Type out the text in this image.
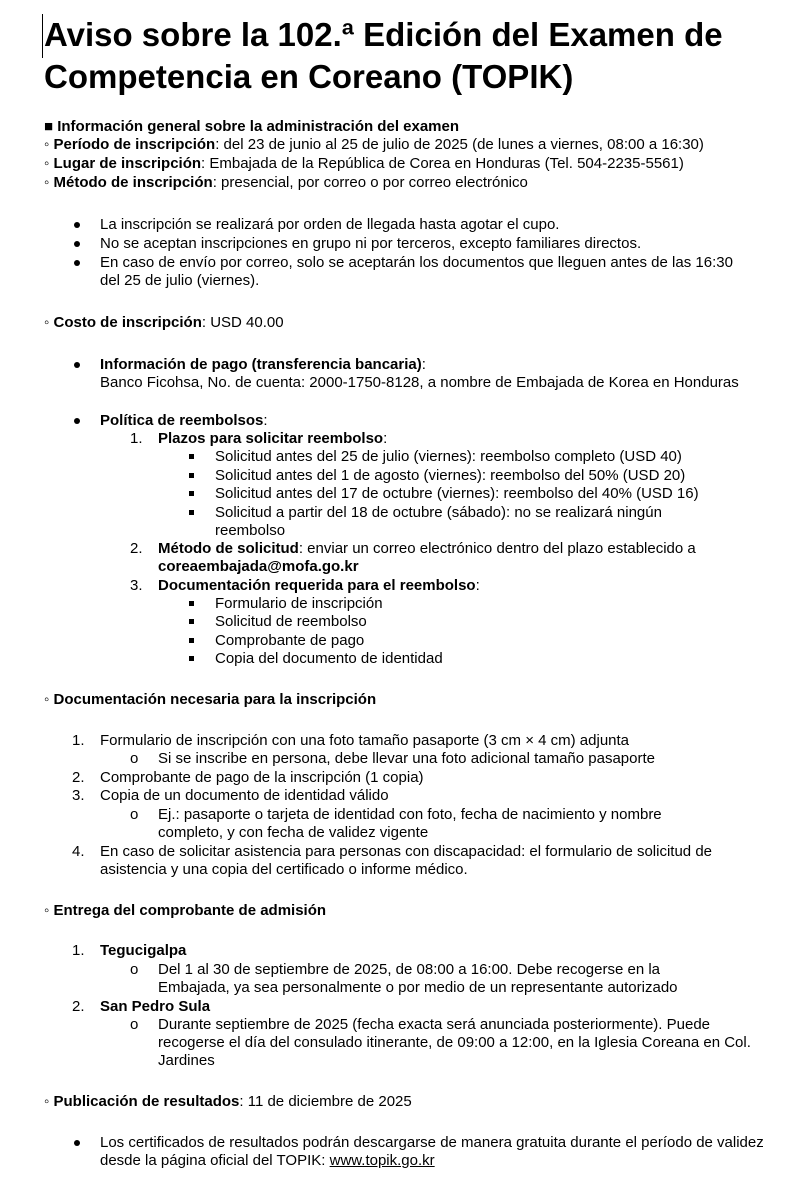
Aviso sobre la 102.ª Edición del Examen de Competencia en Coreano (TOPIK)
■ Información general sobre la administración del examen
◦ Período de inscripción: del 23 de junio al 25 de julio de 2025 (de lunes a viernes, 08:00 a 16:30)
◦ Lugar de inscripción: Embajada de la República de Corea en Honduras (Tel. 504-2235-5561)
◦ Método de inscripción: presencial, por correo o por correo electrónico
La inscripción se realizará por orden de llegada hasta agotar el cupo.
No se aceptan inscripciones en grupo ni por terceros, excepto familiares directos.
En caso de envío por correo, solo se aceptarán los documentos que lleguen antes de las 16:30 del 25 de julio (viernes).
◦ Costo de inscripción: USD 40.00
Información de pago (transferencia bancaria):
Banco Ficohsa, No. de cuenta: 2000-1750-8128, a nombre de Embajada de Korea en Honduras
Política de reembolsos:
1. Plazos para solicitar reembolso:
Solicitud antes del 25 de julio (viernes): reembolso completo (USD 40)
Solicitud antes del 1 de agosto (viernes): reembolso del 50% (USD 20)
Solicitud antes del 17 de octubre (viernes): reembolso del 40% (USD 16)
Solicitud a partir del 18 de octubre (sábado): no se realizará ningún reembolso
2. Método de solicitud: enviar un correo electrónico dentro del plazo establecido a
coreaembajada@mofa.go.kr
3. Documentación requerida para el reembolso:
Formulario de inscripción
Solicitud de reembolso
Comprobante de pago
Copia del documento de identidad
◦ Documentación necesaria para la inscripción
1. Formulario de inscripción con una foto tamaño pasaporte (3 cm × 4 cm) adjunta
o Si se inscribe en persona, debe llevar una foto adicional tamaño pasaporte
2. Comprobante de pago de la inscripción (1 copia)
3. Copia de un documento de identidad válido
o Ej.: pasaporte o tarjeta de identidad con foto, fecha de nacimiento y nombre completo, y con fecha de validez vigente
4. En caso de solicitar asistencia para personas con discapacidad: el formulario de solicitud de asistencia y una copia del certificado o informe médico.
◦ Entrega del comprobante de admisión
1. Tegucigalpa
o Del 1 al 30 de septiembre de 2025, de 08:00 a 16:00. Debe recogerse en la Embajada, ya sea personalmente o por medio de un representante autorizado
2. San Pedro Sula
o Durante septiembre de 2025 (fecha exacta será anunciada posteriormente). Puede recogerse el día del consulado itinerante, de 09:00 a 12:00, en la Iglesia Coreana en Col. Jardines
◦ Publicación de resultados: 11 de diciembre de 2025
Los certificados de resultados podrán descargarse de manera gratuita durante el período de validez desde la página oficial del TOPIK: www.topik.go.kr
